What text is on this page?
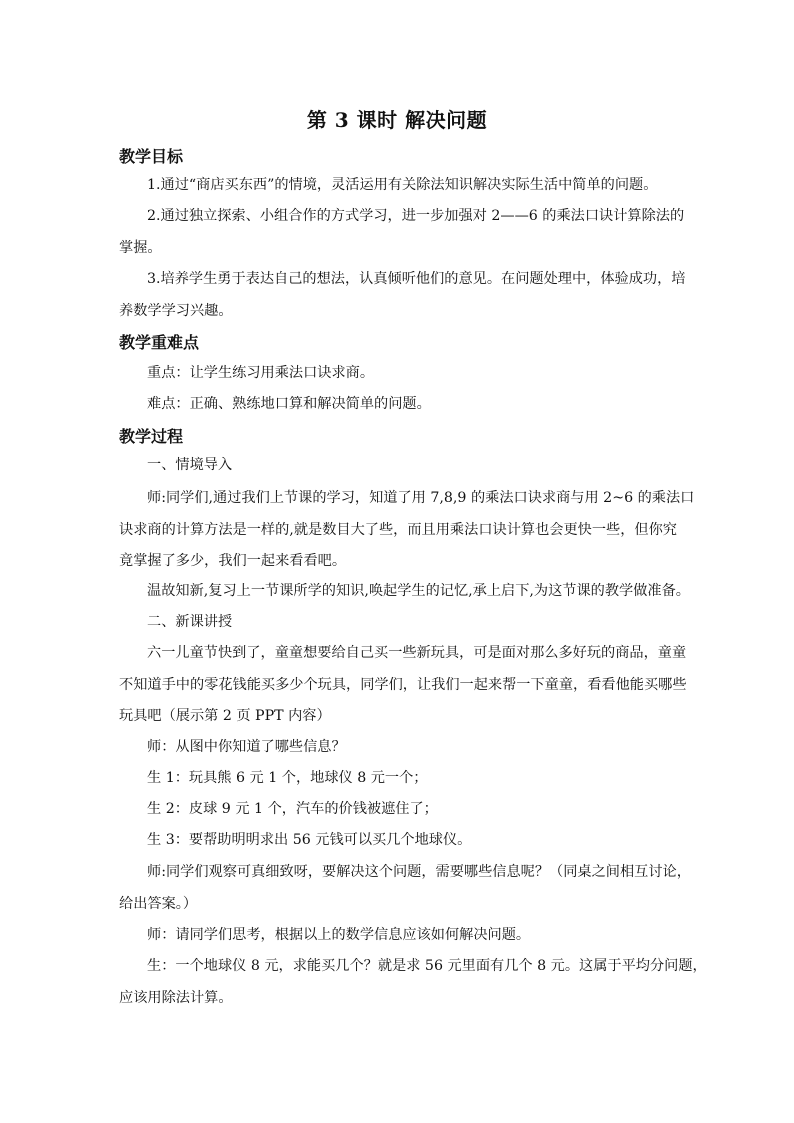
第 3 课时 解决问题
教学目标
1.通过“商店买东西”的情境，灵活运用有关除法知识解决实际生活中简单的问题。
2.通过独立探索、小组合作的方式学习，进一步加强对 2——6 的乘法口诀计算除法的
掌握。
3.培养学生勇于表达自己的想法，认真倾听他们的意见。在问题处理中，体验成功，培
养数学学习兴趣。
教学重难点
重点：让学生练习用乘法口诀求商。
难点：正确、熟练地口算和解决简单的问题。
教学过程
一、情境导入
师:同学们,通过我们上节课的学习，知道了用 7,8,9 的乘法口诀求商与用 2~6 的乘法口
诀求商的计算方法是一样的,就是数目大了些，而且用乘法口诀计算也会更快一些，但你究
竟掌握了多少，我们一起来看看吧。
温故知新,复习上一节课所学的知识,唤起学生的记忆,承上启下,为这节课的教学做准备。
二、新课讲授
六一儿童节快到了，童童想要给自己买一些新玩具，可是面对那么多好玩的商品，童童
不知道手中的零花钱能买多少个玩具，同学们，让我们一起来帮一下童童，看看他能买哪些
玩具吧（展示第 2 页 PPT 内容）
师：从图中你知道了哪些信息？
生 1：玩具熊 6 元 1 个，地球仪 8 元一个；
生 2：皮球 9 元 1 个，汽车的价钱被遮住了；
生 3：要帮助明明求出 56 元钱可以买几个地球仪。
师:同学们观察可真细致呀，要解决这个问题，需要哪些信息呢？（同桌之间相互讨论，
给出答案。）
师：请同学们思考，根据以上的数学信息应该如何解决问题。
生：一个地球仪 8 元，求能买几个？就是求 56 元里面有几个 8 元。这属于平均分问题，
应该用除法计算。
